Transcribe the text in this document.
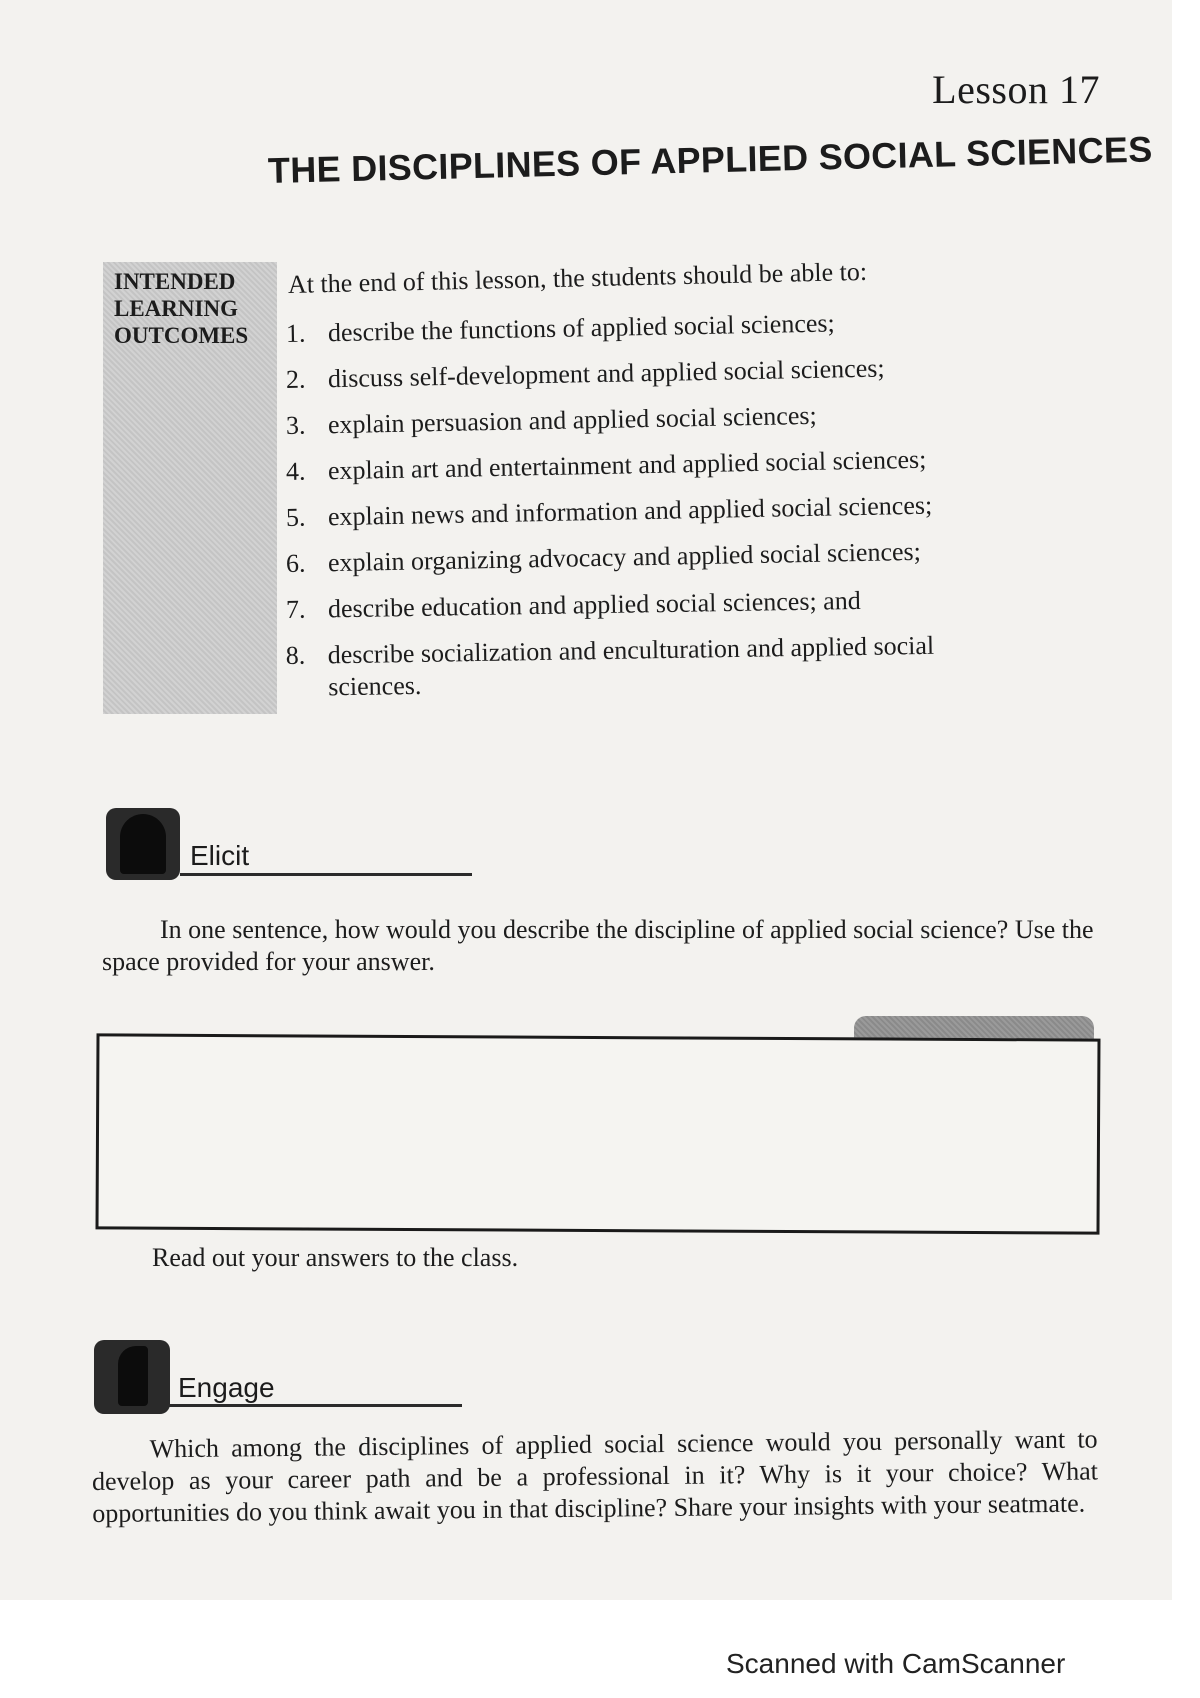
Lesson 17
THE DISCIPLINES OF APPLIED SOCIAL SCIENCES
INTENDED
LEARNING
OUTCOMES
At the end of this lesson, the students should be able to:
1. describe the functions of applied social sciences;
2. discuss self-development and applied social sciences;
3. explain persuasion and applied social sciences;
4. explain art and entertainment and applied social sciences;
5. explain news and information and applied social sciences;
6. explain organizing advocacy and applied social sciences;
7. describe education and applied social sciences; and
8. describe socialization and enculturation and applied social sciences.
Elicit
In one sentence, how would you describe the discipline of applied social science? Use the space provided for your answer.
Read out your answers to the class.
Engage
Which among the disciplines of applied social science would you personally want to develop as your career path and be a professional in it? Why is it your choice? What opportunities do you think await you in that discipline? Share your insights with your seatmate.
Scanned with CamScanner
